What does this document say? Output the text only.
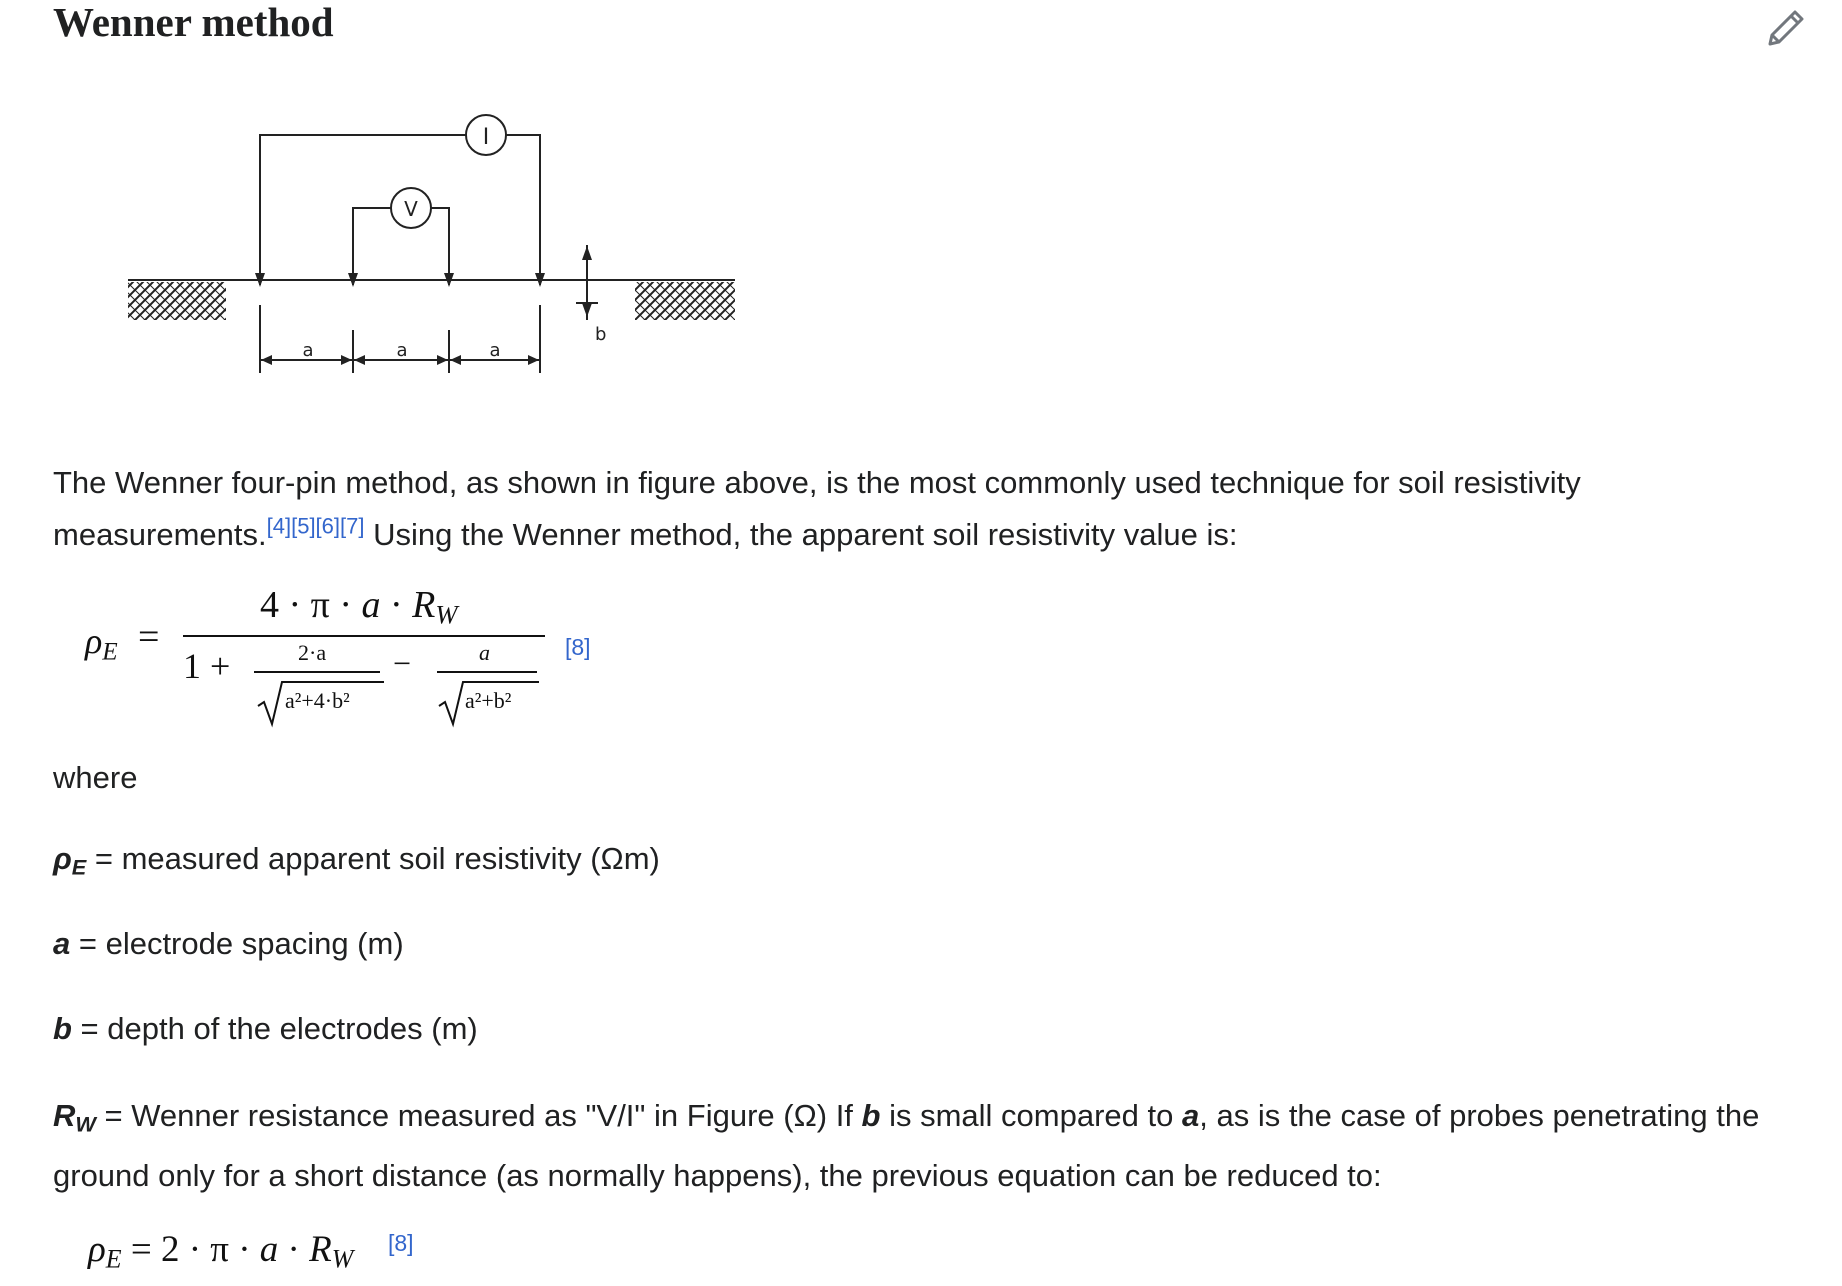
Wenner method
I
V
b
a	a	a
The Wenner four-pin method, as shown in figure above, is the most commonly used technique for soil resistivity
measurements.[4][5][6][7] Using the Wenner method, the apparent soil resistivity value is:
$\rho_E$ =
$4 \cdot \pi \cdot a \cdot R_W$
1 +	2·a
a²+4·b²
−	a
a²+b²
[8]
where
$\rho_E$ = measured apparent soil resistivity (Ωm)
a = electrode spacing (m)
b = depth of the electrodes (m)
$R_W$ = Wenner resistance measured as "V/I" in Figure (Ω) If b is small compared to a, as is the case of probes penetrating the
ground only for a short distance (as normally happens), the previous equation can be reduced to:
$\rho_E = 2 \cdot \pi \cdot a \cdot R_W$
[8]
